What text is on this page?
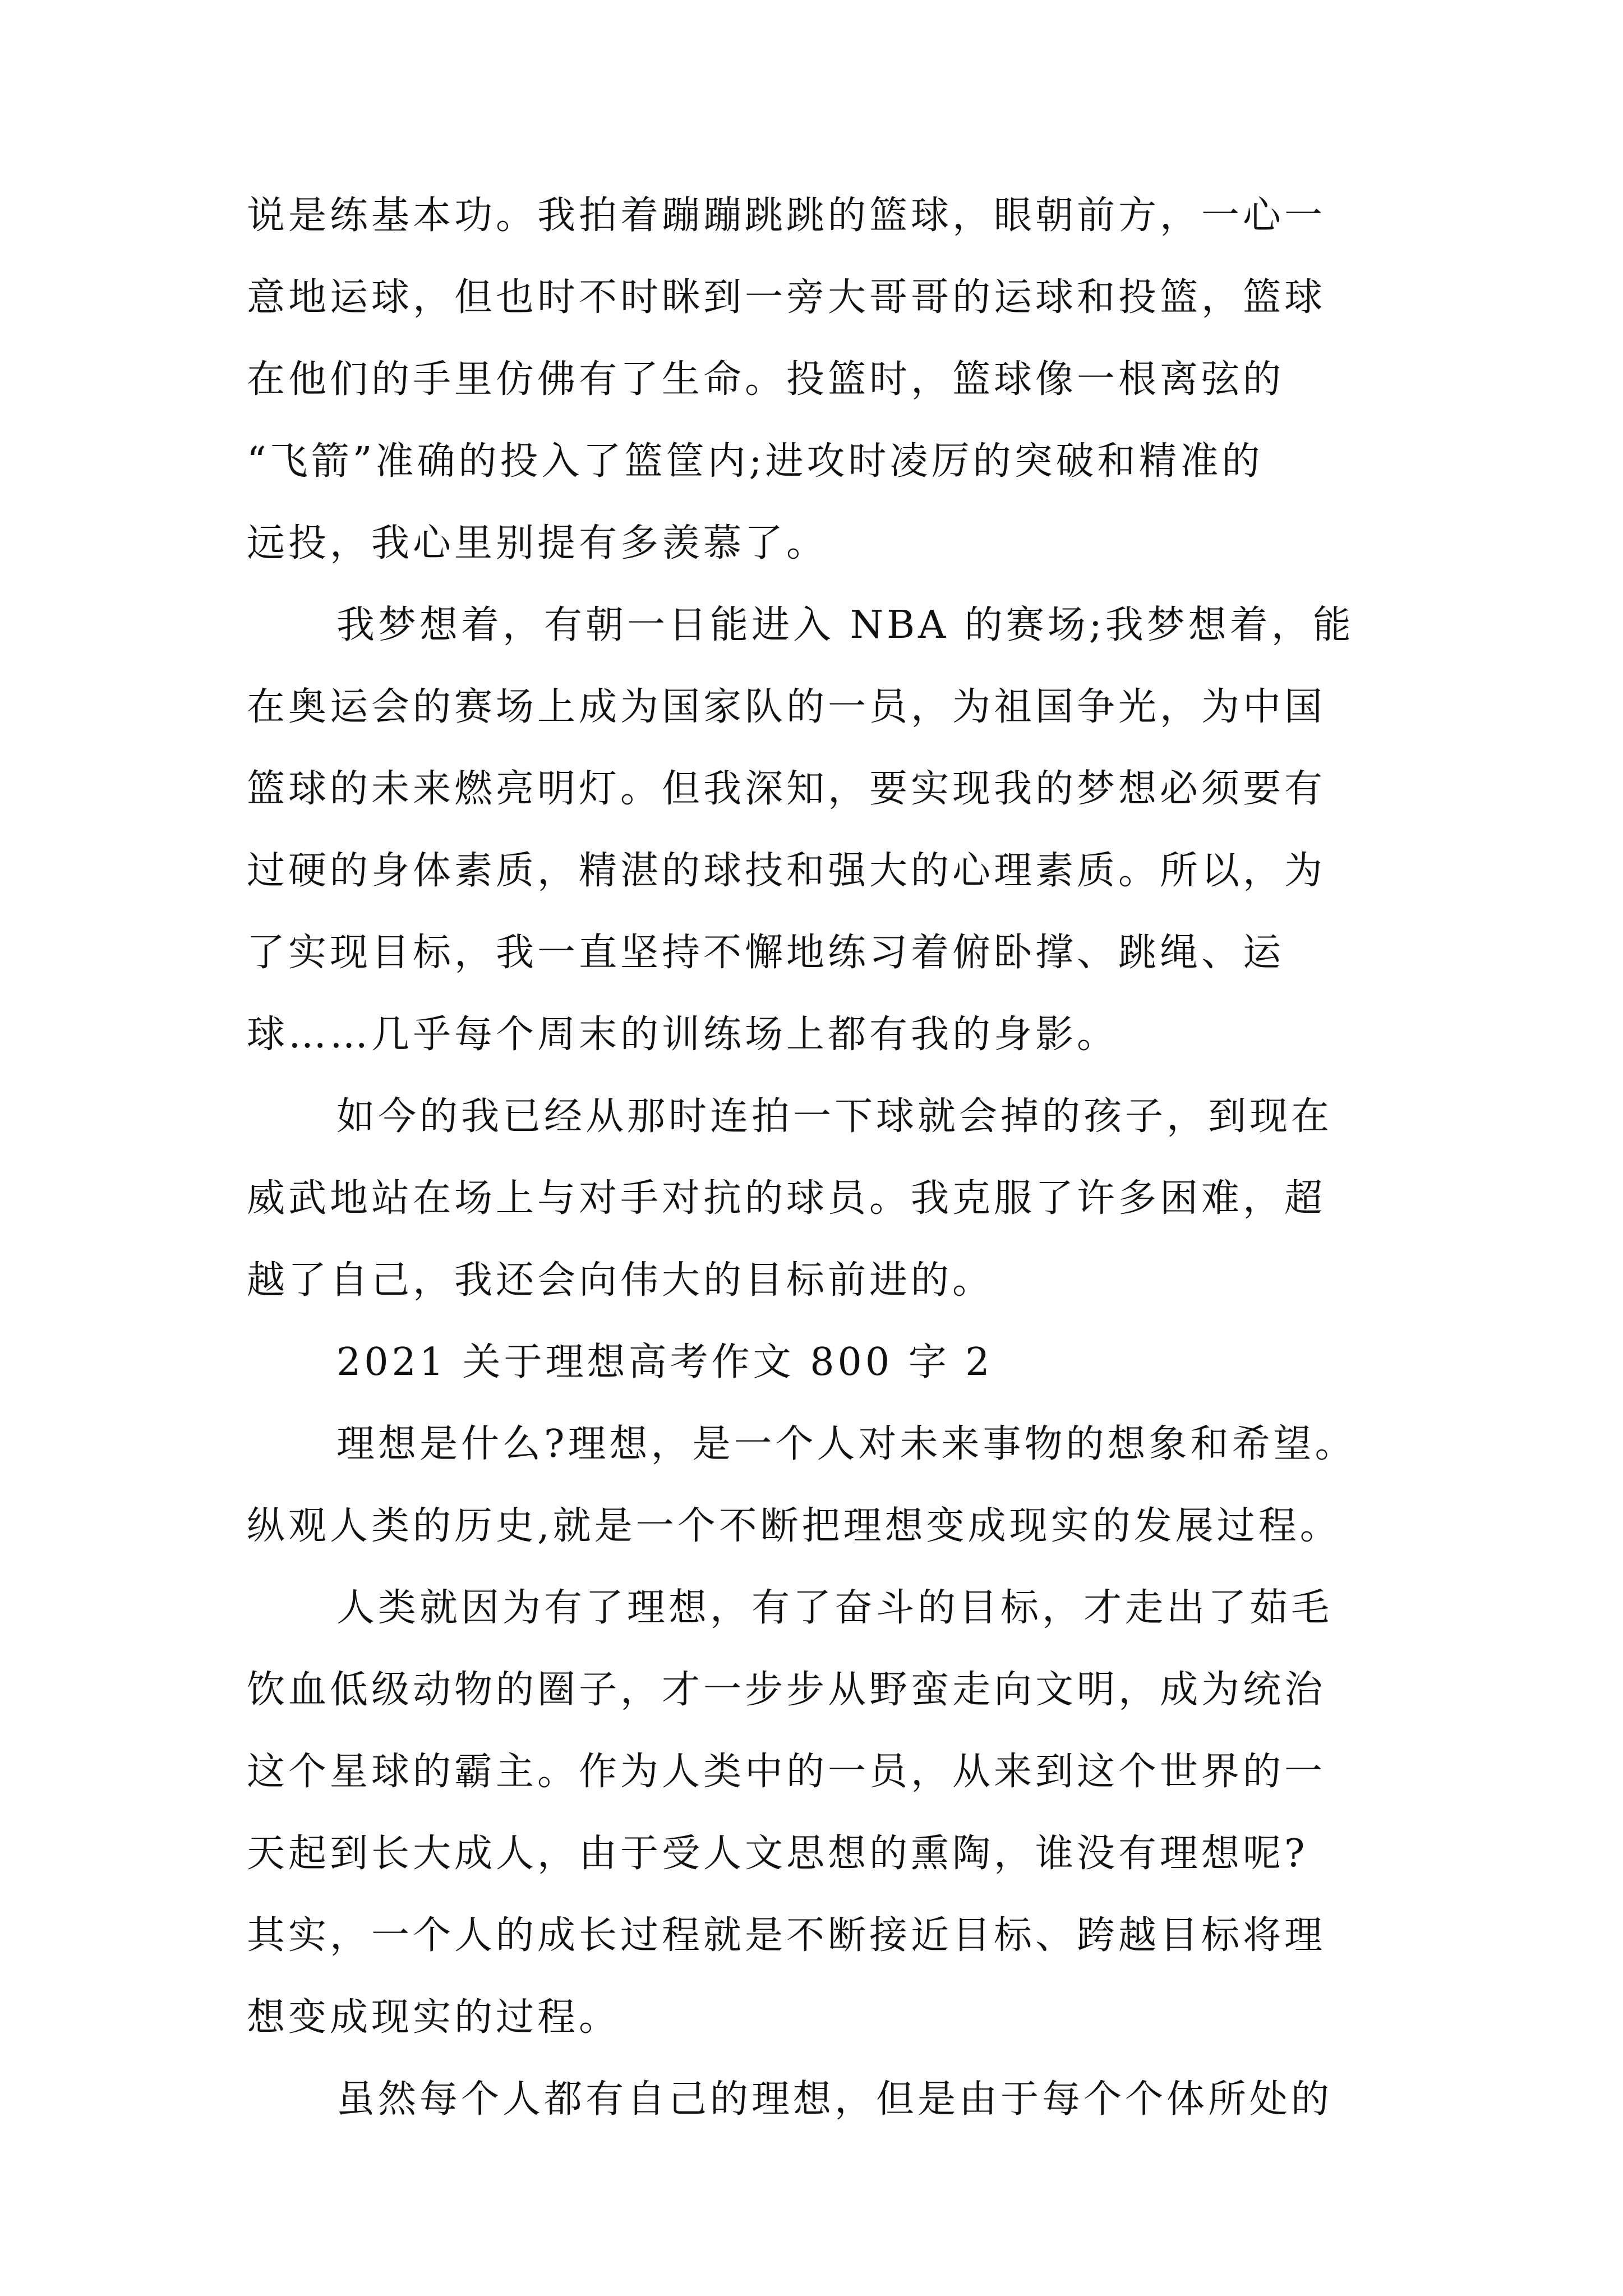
说是练基本功。我拍着蹦蹦跳跳的篮球，眼朝前方，一心一
意地运球，但也时不时眯到一旁大哥哥的运球和投篮，篮球
在他们的手里仿佛有了生命。投篮时，篮球像一根离弦的
“飞箭”准确的投入了篮筐内;进攻时凌厉的突破和精准的
远投，我心里别提有多羡慕了。
我梦想着，有朝一日能进入 NBA 的赛场;我梦想着，能
在奥运会的赛场上成为国家队的一员，为祖国争光，为中国
篮球的未来燃亮明灯。但我深知，要实现我的梦想必须要有
过硬的身体素质，精湛的球技和强大的心理素质。所以，为
了实现目标，我一直坚持不懈地练习着俯卧撑、跳绳、运
球……几乎每个周末的训练场上都有我的身影。
如今的我已经从那时连拍一下球就会掉的孩子，到现在
威武地站在场上与对手对抗的球员。我克服了许多困难，超
越了自己，我还会向伟大的目标前进的。
2021 关于理想高考作文 800 字 2
理想是什么?理想，是一个人对未来事物的想象和希望。
纵观人类的历史,就是一个不断把理想变成现实的发展过程。
人类就因为有了理想，有了奋斗的目标，才走出了茹毛
饮血低级动物的圈子，才一步步从野蛮走向文明，成为统治
这个星球的霸主。作为人类中的一员，从来到这个世界的一
天起到长大成人，由于受人文思想的熏陶，谁没有理想呢?
其实，一个人的成长过程就是不断接近目标、跨越目标将理
想变成现实的过程。
虽然每个人都有自己的理想，但是由于每个个体所处的
